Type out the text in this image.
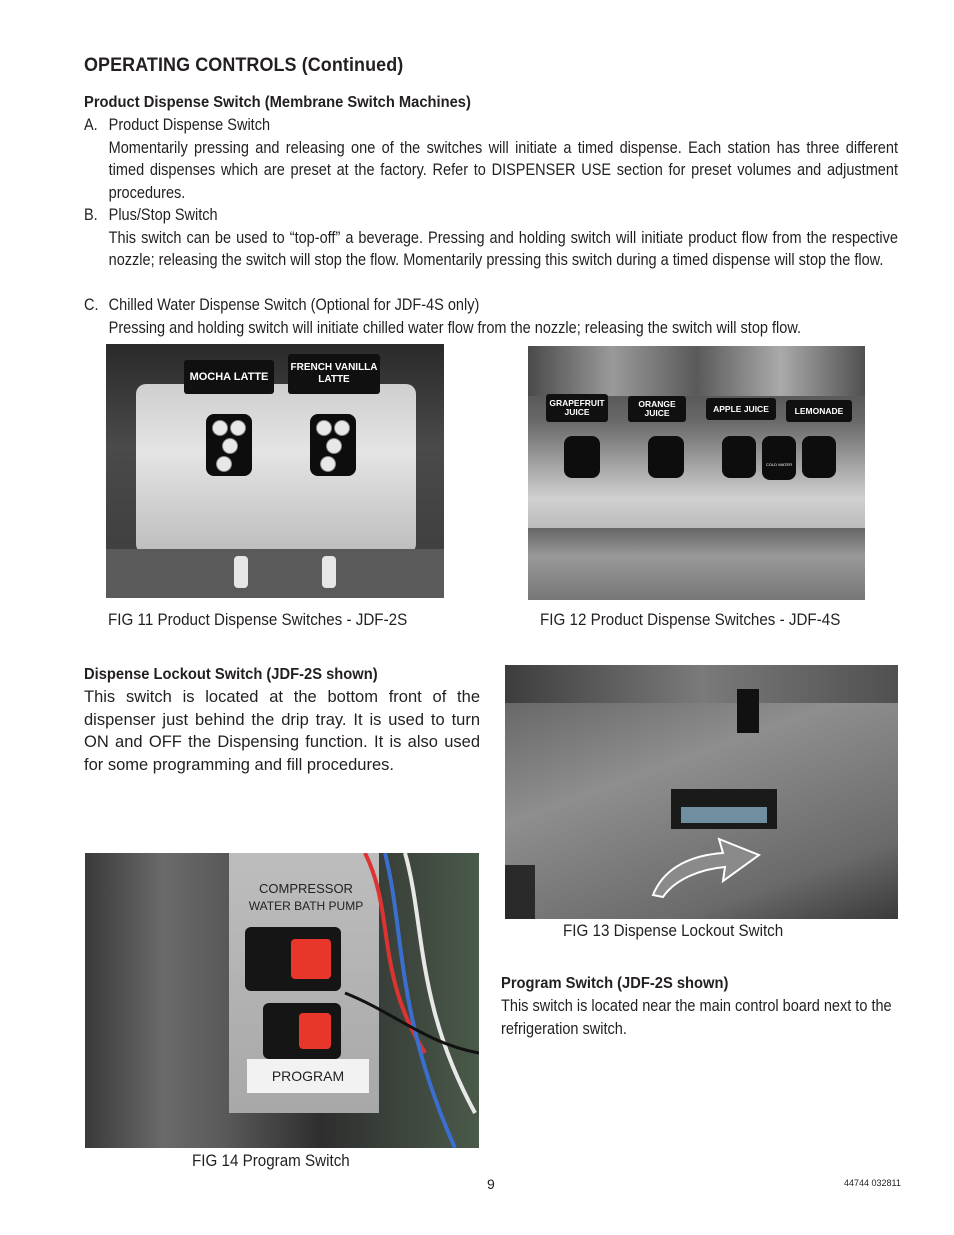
OPERATING CONTROLS (Continued)
Product Dispense Switch (Membrane Switch Machines)
A. Product Dispense Switch
Momentarily pressing and releasing one of the switches will initiate a timed dispense. Each station has three different timed dispenses which are preset at the factory. Refer to DISPENSER USE section for preset volumes and adjustment procedures.
B. Plus/Stop Switch
This switch can be used to “top-off” a beverage. Pressing and holding switch will initiate product flow from the respective nozzle; releasing the switch will stop the flow. Momentarily pressing this switch during a timed dispense will stop the flow.
C. Chilled Water Dispense Switch (Optional for JDF-4S only)
Pressing and holding switch will initiate chilled water flow from the nozzle; releasing the switch will stop flow.
MOCHA LATTE
FRENCH VANILLA LATTE
GRAPEFRUIT JUICE
ORANGE JUICE	APPLE JUICE	LEMONADE
COLD WATER
FIG 11 Product Dispense Switches - JDF-2S	FIG 12 Product Dispense Switches - JDF-4S
Dispense Lockout Switch (JDF-2S shown)
This switch is located at the bottom front of the dispenser just behind the drip tray. It is used to turn ON and OFF the Dispensing function. It is also used for some programming and fill procedures.
FIG 13 Dispense Lockout Switch
COMPRESSOR
WATER BATH PUMP
PROGRAM
FIG 14 Program Switch
Program Switch (JDF-2S shown)
This switch is located near the main control board next to the refrigeration switch.
9	44744 032811
